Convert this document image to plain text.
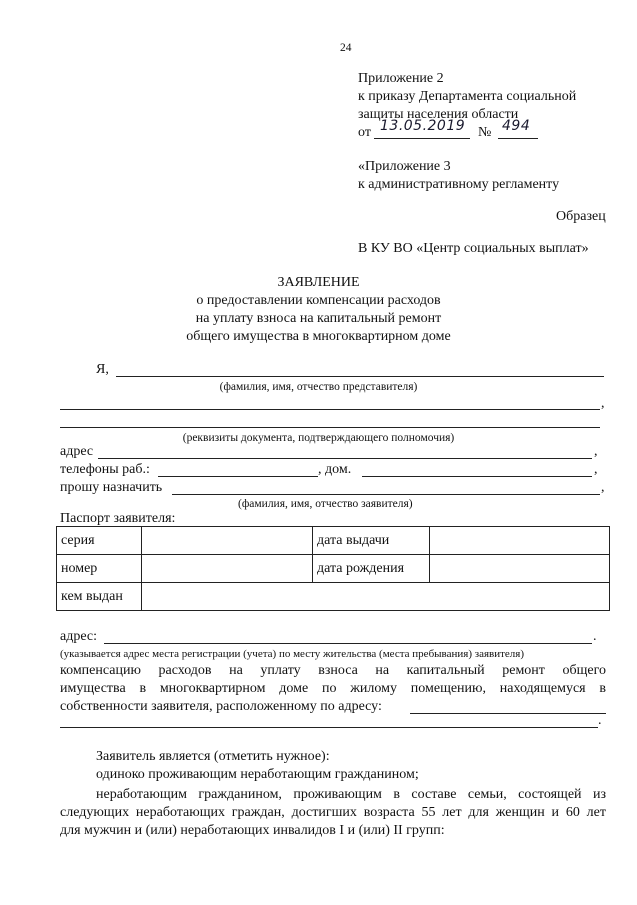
24
Приложение 2
к приказу Департамента социальной
защиты населения области
от 13.05.2019 № 494
«Приложение 3
к административному регламенту
Образец
В КУ ВО «Центр социальных выплат»
ЗАЯВЛЕНИЕ
о предоставлении компенсации расходов
на уплату взноса на капитальный ремонт
общего имущества в многоквартирном доме
Я,
(фамилия, имя, отчество представителя)
,
(реквизиты документа, подтверждающего полномочия)
адрес	,
телефоны раб.:	, дом.	,
прошу назначить	,
(фамилия, имя, отчество заявителя)
Паспорт заявителя:
серия		дата выдачи	
номер		дата рождения	
кем выдан			
адрес:	.
(указывается адрес места регистрации (учета) по месту жительства (места пребывания) заявителя)
компенсацию расходов на уплату взноса на капитальный ремонт общего
имущества в многоквартирном доме по жилому помещению, находящемуся в
собственности заявителя, расположенному по адресу:
.
Заявитель является (отметить нужное):
одиноко проживающим неработающим гражданином;
неработающим гражданином, проживающим в составе семьи, состоящей из
следующих неработающих граждан, достигших возраста 55 лет для женщин и 60 лет
для мужчин и (или) неработающих инвалидов I и (или) II групп:
